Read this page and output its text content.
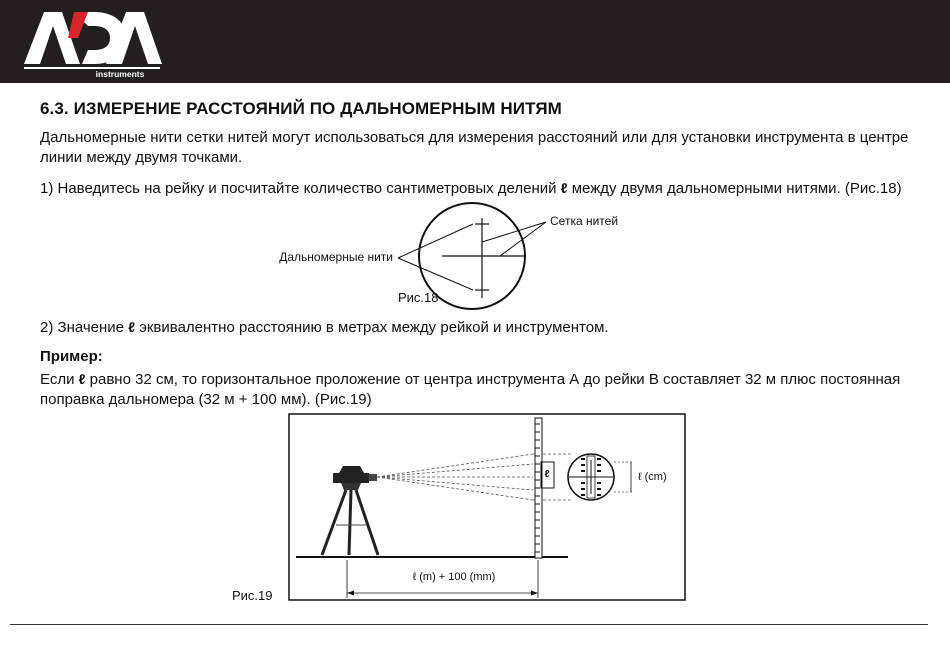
instruments
6.3. ИЗМЕРЕНИЕ РАССТОЯНИЙ ПО ДАЛЬНОМЕРНЫМ НИТЯМ

Дальномерные нити сетки нитей могут использоваться для измерения расстояний или для установки инструмента в центре линии между двумя точками.

1) Наведитесь на рейку и посчитайте количество сантиметровых делений ℓ между двумя дальномерными нитями. (Рис.18)

Сетка нитей
Дальномерные нити
Рис.18

2) Значение ℓ эквивалентно расстоянию в метрах между рейкой и инструментом.

Пример:

Если ℓ равно 32 см, то горизонтальное проложение от центра инструмента А до рейки В составляет 32 м плюс постоянная поправка дальномера (32 м + 100 мм). (Рис.19)

ℓ	ℓ (cm)
ℓ (m) + 100 (mm)
Рис.19
